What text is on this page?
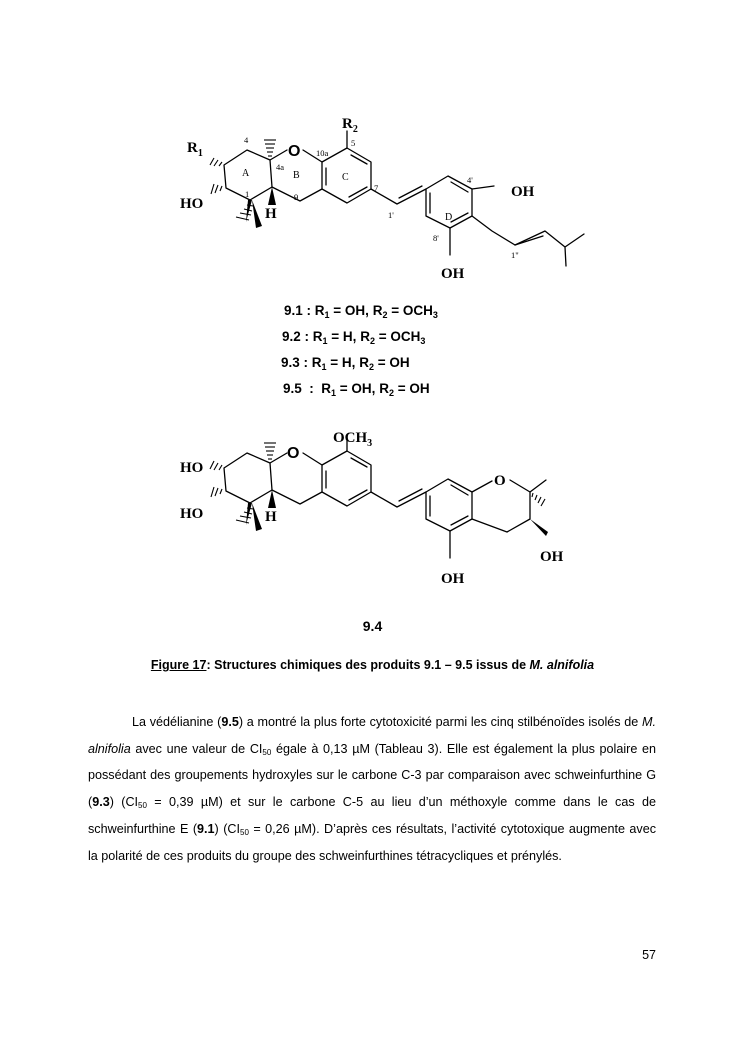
$R_1$
$R_2$
HO
O
H
OH
OH
A	B	C
D
4
4a
1	9
10a
5
7
1'
4'
8'
1"
9.1 : $R_1$ = OH, $R_2 = OCH_3$
9.2 : $R_1 = H$, $R_2 = OCH_3$
9.3 : $R_1 = H$, $R_2$ = OH
9.5  :  $R_1$ = OH, $R_2$ = OH
$OCH_3$
HO
HO
O
H
O
OH
OH
9.4
Figure 17: Structures chimiques des produits 9.1 – 9.5 issus de M. alnifolia

La védélianine (9.5) a montré la plus forte cytotoxicité parmi les cinq stilbénoïdes isolés de M. alnifolia avec une valeur de $CI_{50}$ égale à 0,13 µM (Tableau 3). Elle est également la plus polaire en possédant des groupements hydroxyles sur le carbone C-3 par comparaison avec schweinfurthine G (9.3) ($CI_{50} = 0,39$ µM) et sur le carbone C-5 au lieu d’un méthoxyle comme dans le cas de schweinfurthine E (9.1) ($CI_{50} = 0,26$ µM). D’après ces résultats, l’activité cytotoxique augmente avec la polarité de ces produits du groupe des schweinfurthines tétracycliques et prénylés.

57
